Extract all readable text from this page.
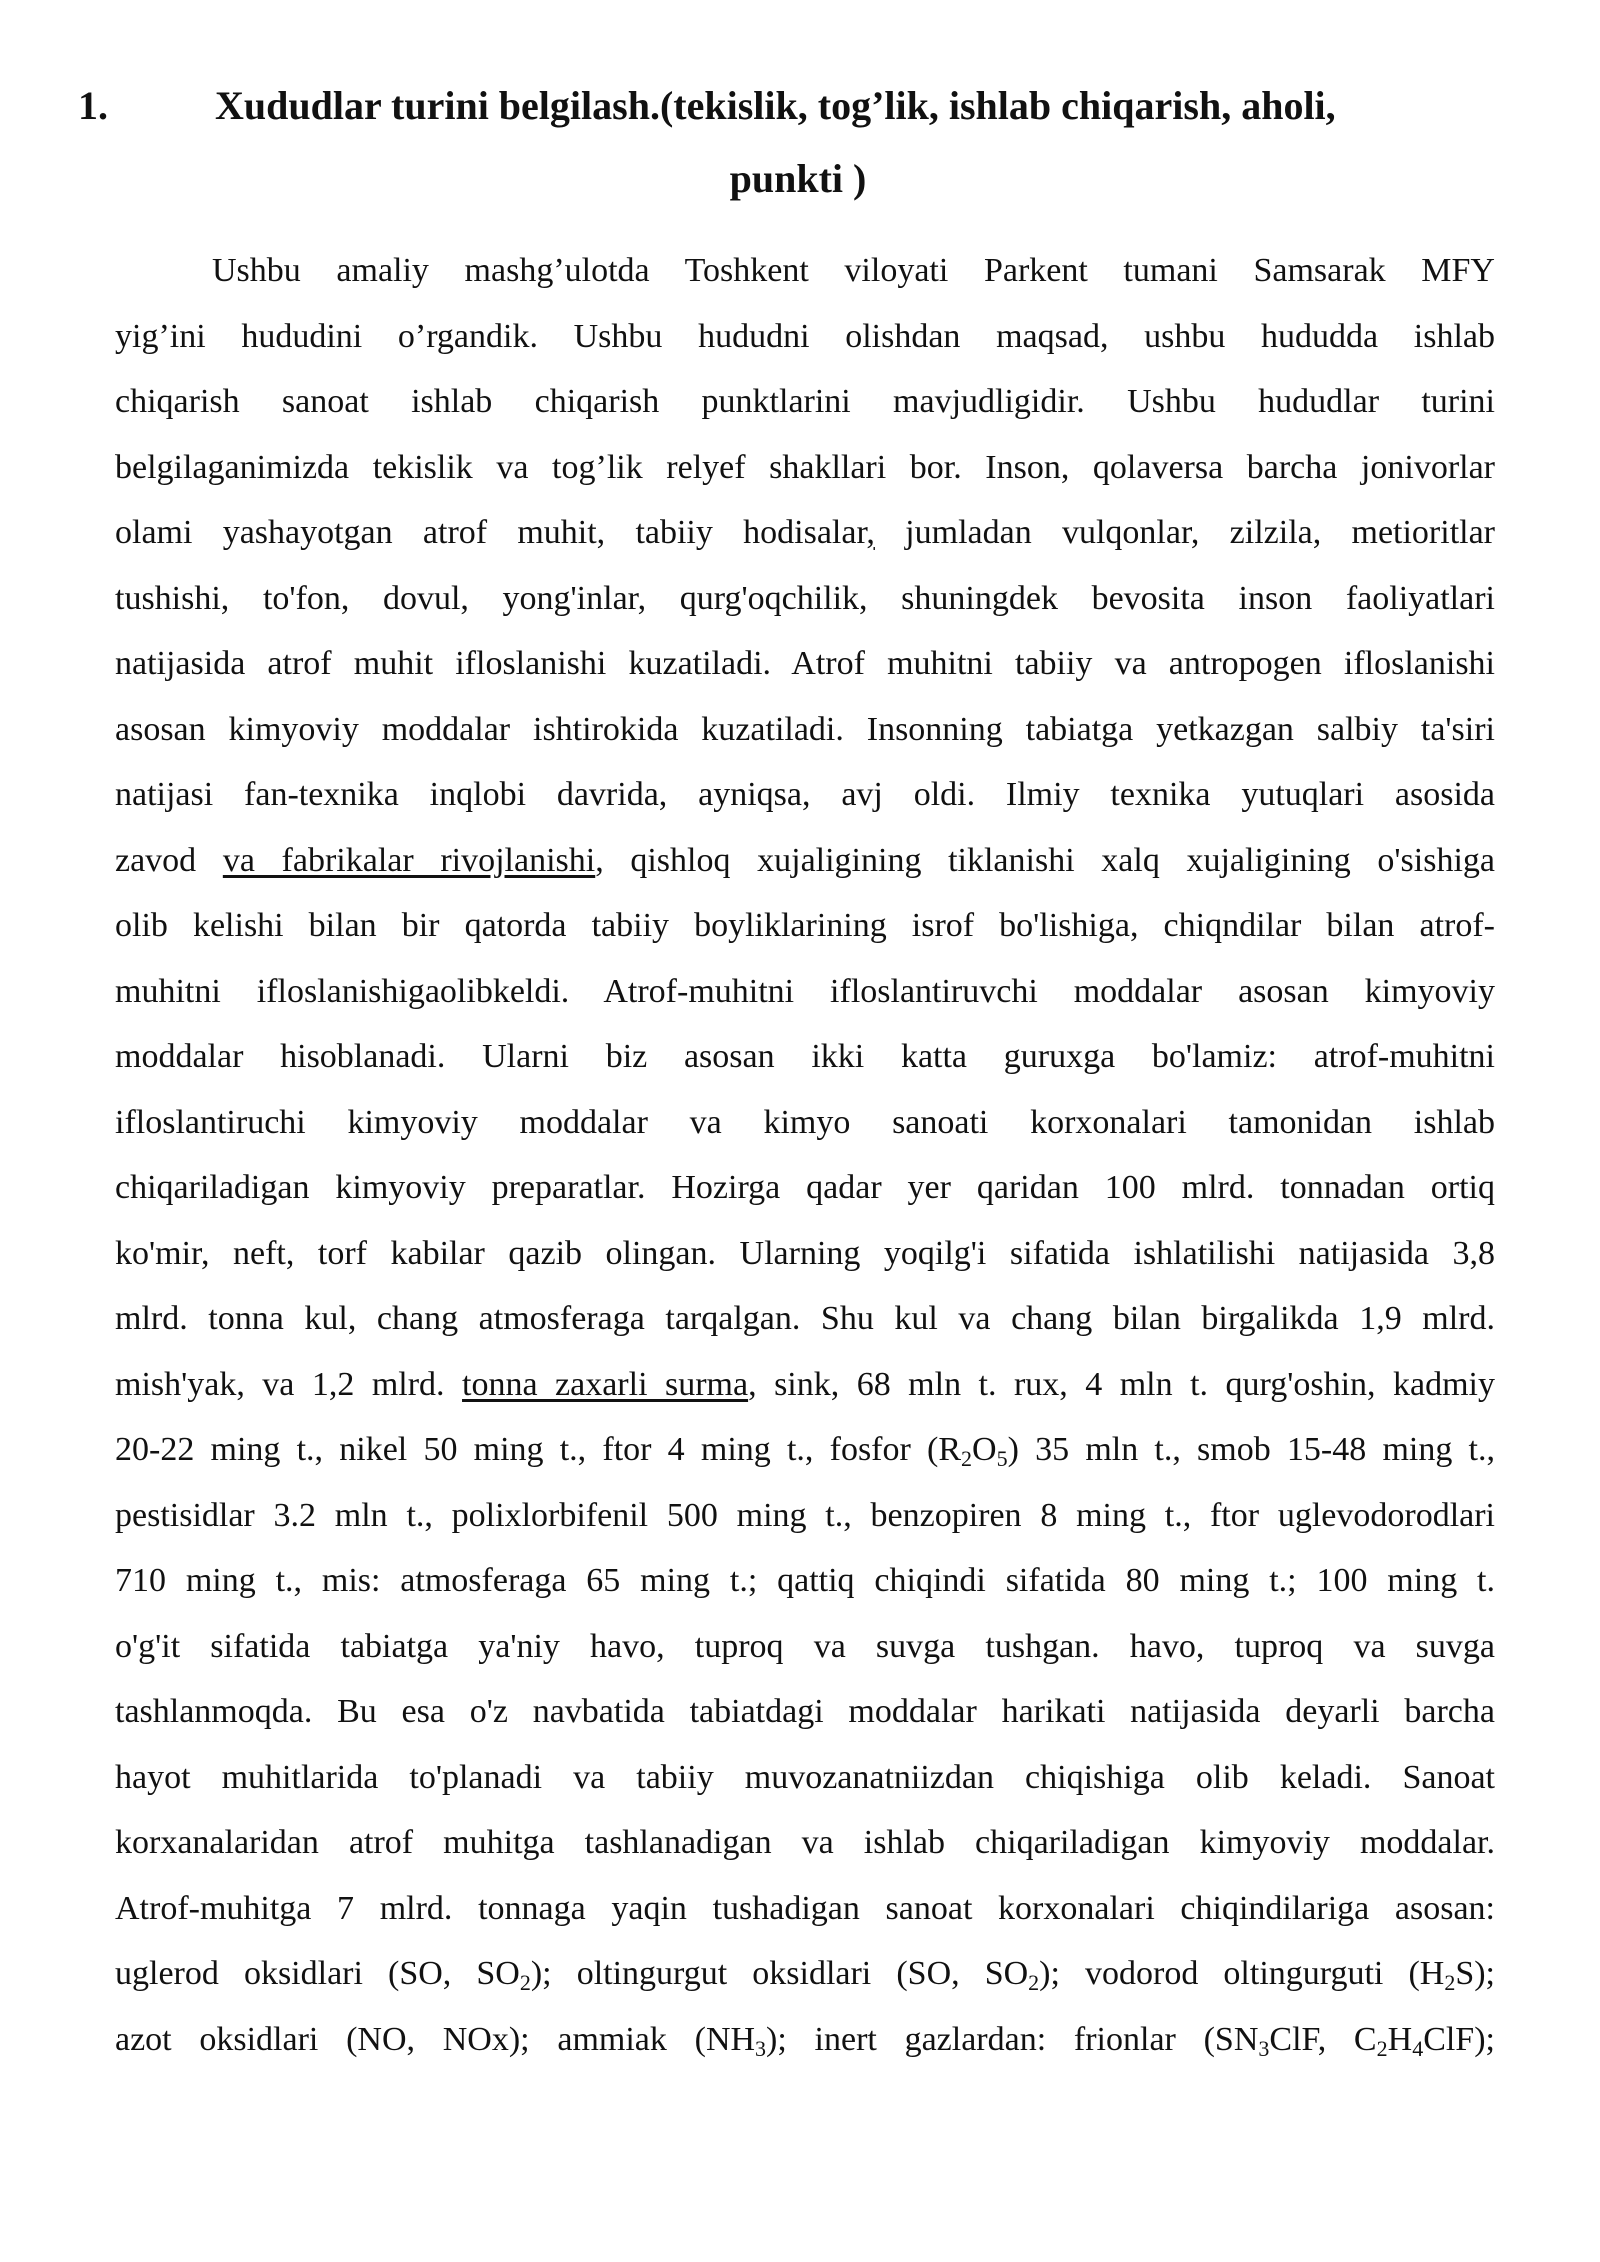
1.	Xududlar turini belgilash.(tekislik, tog’lik, ishlab chiqarish, aholi,
punkti )
Ushbu amaliy mashg’ulotda Toshkent viloyati Parkent tumani Samsarak MFY
yig’ini hududini o’rgandik. Ushbu hududni olishdan maqsad, ushbu hududda ishlab
chiqarish sanoat ishlab chiqarish punktlarini mavjudligidir. Ushbu hududlar turini
belgilaganimizda tekislik va tog’lik relyef shakllari bor. Inson, qolaversa barcha jonivorlar
olami yashayotgan atrof muhit, tabiiy hodisalar, jumladan vulqonlar, zilzila, metioritlar
tushishi, to'fon, dovul, yong'inlar, qurg'oqchilik, shuningdek bevosita inson faoliyatlari
natijasida atrof muhit ifloslanishi kuzatiladi. Atrof muhitni tabiiy va antropogen ifloslanishi
asosan kimyoviy moddalar ishtirokida kuzatiladi. Insonning tabiatga yetkazgan salbiy ta'siri
natijasi fan-texnika inqlobi davrida, ayniqsa, avj oldi. Ilmiy texnika yutuqlari asosida
zavod va fabrikalar rivojlanishi, qishloq xujaligining tiklanishi xalq xujaligining o'sishiga
olib kelishi bilan bir qatorda tabiiy boyliklarining isrof bo'lishiga, chiqndilar bilan atrof-
muhitni ifloslanishigaolibkeldi. Atrof-muhitni ifloslantiruvchi moddalar asosan kimyoviy
moddalar hisoblanadi. Ularni biz asosan ikki katta guruxga bo'lamiz: atrof-muhitni
ifloslantiruchi kimyoviy moddalar va kimyo sanoati korxonalari tamonidan ishlab
chiqariladigan kimyoviy preparatlar. Hozirga qadar yer qaridan 100 mlrd. tonnadan ortiq
ko'mir, neft, torf kabilar qazib olingan. Ularning yoqilg'i sifatida ishlatilishi natijasida 3,8
mlrd. tonna kul, chang atmosferaga tarqalgan. Shu kul va chang bilan birgalikda 1,9 mlrd.
mish'yak, va 1,2 mlrd. tonna zaxarli surma, sink, 68 mln t. rux, 4 mln t. qurg'oshin, kadmiy
20-22 ming t., nikel 50 ming t., ftor 4 ming t., fosfor $(R_2O_5)$ 35 mln t., smob 15-48 ming t.,
pestisidlar 3.2 mln t., polixlorbifenil 500 ming t., benzopiren 8 ming t., ftor uglevodorodlari
710 ming t., mis: atmosferaga 65 ming t.; qattiq chiqindi sifatida 80 ming t.; 100 ming t.
o'g'it sifatida tabiatga ya'niy havo, tuproq va suvga tushgan. havo, tuproq va suvga
tashlanmoqda. Bu esa o'z navbatida tabiatdagi moddalar harikati natijasida deyarli barcha
hayot muhitlarida to'planadi va tabiiy muvozanatniizdan chiqishiga olib keladi. Sanoat
korxanalaridan atrof muhitga tashlanadigan va ishlab chiqariladigan kimyoviy moddalar.
Atrof-muhitga 7 mlrd. tonnaga yaqin tushadigan sanoat korxonalari chiqindilariga asosan:
uglerod oksidlari (SO, $SO_2$); oltingurgut oksidlari (SO, $SO_2$); vodorod oltingurguti $(H_2S)$;
azot oksidlari (NO, NOx); ammiak $(NH_3)$; inert gazlardan: frionlar ($SN_3ClF$, $C_2H_4ClF$);
